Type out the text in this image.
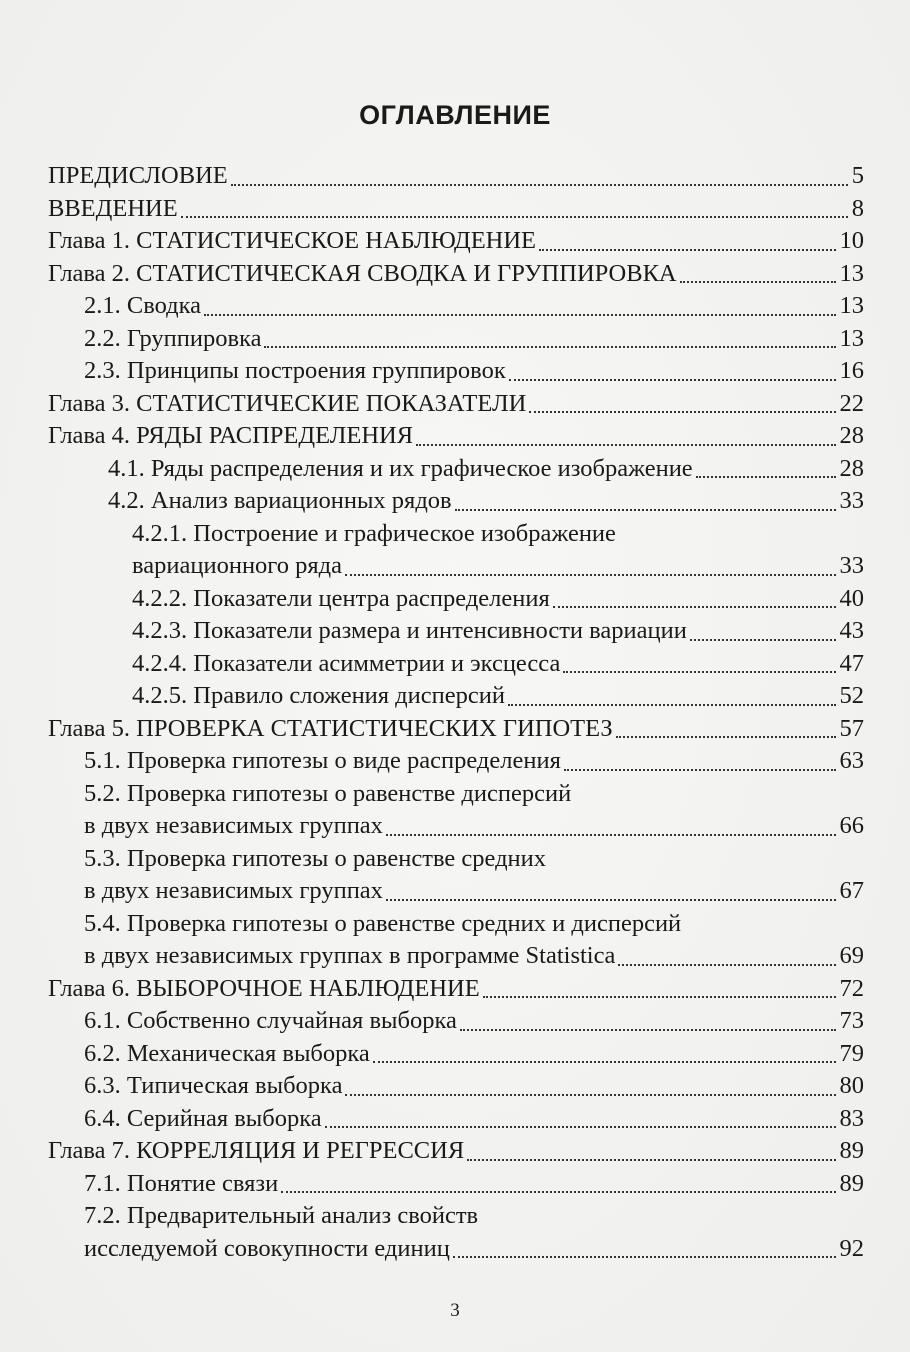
ОГЛАВЛЕНИЕ
ПРЕДИСЛОВИЕ	5
ВВЕДЕНИЕ	8
Глава 1. СТАТИСТИЧЕСКОЕ НАБЛЮДЕНИЕ	10
Глава 2. СТАТИСТИЧЕСКАЯ СВОДКА И ГРУППИРОВКА	13
2.1. Сводка	13
2.2. Группировка	13
2.3. Принципы построения группировок	16
Глава 3. СТАТИСТИЧЕСКИЕ ПОКАЗАТЕЛИ	22
Глава 4. РЯДЫ РАСПРЕДЕЛЕНИЯ	28
4.1. Ряды распределения и их графическое изображение	28
4.2. Анализ вариационных рядов	33
4.2.1. Построение и графическое изображение
вариационного ряда	33
4.2.2. Показатели центра распределения	40
4.2.3. Показатели размера и интенсивности вариации	43
4.2.4. Показатели асимметрии и эксцесса	47
4.2.5. Правило сложения дисперсий	52
Глава 5. ПРОВЕРКА СТАТИСТИЧЕСКИХ ГИПОТЕЗ	57
5.1. Проверка гипотезы о виде распределения	63
5.2. Проверка гипотезы о равенстве дисперсий
в двух независимых группах	66
5.3. Проверка гипотезы о равенстве средних
в двух независимых группах	67
5.4. Проверка гипотезы о равенстве средних и дисперсий
в двух независимых группах в программе Statistica	69
Глава 6. ВЫБОРОЧНОЕ НАБЛЮДЕНИЕ	72
6.1. Собственно случайная выборка	73
6.2. Механическая выборка	79
6.3. Типическая выборка	80
6.4. Серийная выборка	83
Глава 7. КОРРЕЛЯЦИЯ И РЕГРЕССИЯ	89
7.1. Понятие связи	89
7.2. Предварительный анализ свойств
исследуемой совокупности единиц	92
3
